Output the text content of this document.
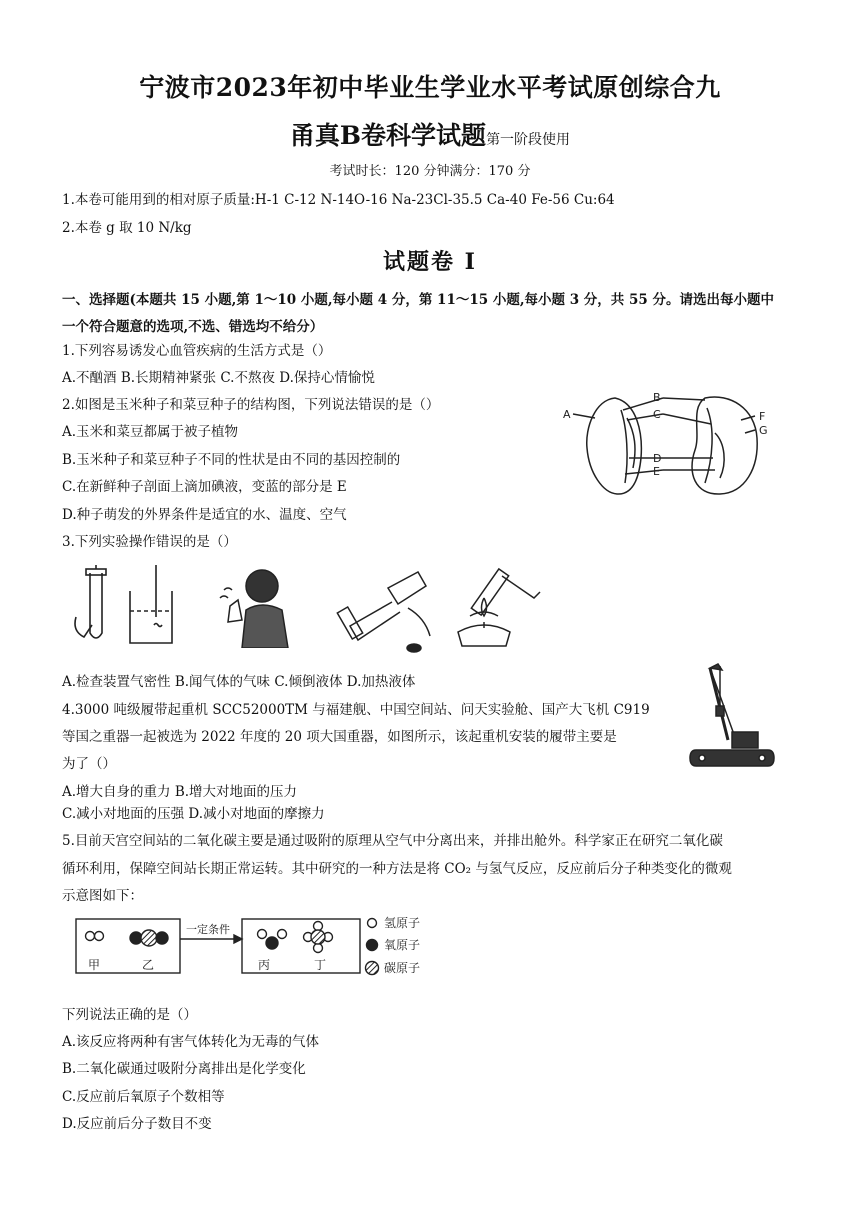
宁波市2023年初中毕业生学业水平考试原创综合九
甬真B卷科学试题第一阶段使用
考试时长：120 分钟满分：170 分
1.本卷可能用到的相对原子质量:H-1 C-12 N-14O-16 Na-23Cl-35.5 Ca-40 Fe-56 Cu:64
2.本卷 g 取 10 N/kg
试题卷 I
一、选择题(本题共 15 小题,第 1～10 小题,每小题 4 分，第 11～15 小题,每小题 3 分，共 55 分。请选出每小题中
一个符合题意的选项,不选、错选均不给分）
1.下列容易诱发心血管疾病的生活方式是（）
A.不酗酒 B.长期精神紧张 C.不熬夜 D.保持心情愉悦
2.如图是玉米种子和菜豆种子的结构图，下列说法错误的是（）
A.玉米和菜豆都属于被子植物
B.玉米种子和菜豆种子不同的性状是由不同的基因控制的
C.在新鲜种子剖面上滴加碘液，变蓝的部分是 E
D.种子萌发的外界条件是适宜的水、温度、空气
A
B
C
D
E
F
G
3.下列实验操作错误的是（）
A.检查装置气密性 B.闻气体的气味 C.倾倒液体 D.加热液体
4.3000 吨级履带起重机 SCC52000TM 与福建舰、中国空间站、问天实验舱、国产大飞机 C919
等国之重器一起被选为 2022 年度的 20 项大国重器，如图所示，该起重机安装的履带主要是
为了（）
A.增大自身的重力 B.增大对地面的压力
C.减小对地面的压强 D.减小对地面的摩擦力
5.目前天宫空间站的二氧化碳主要是通过吸附的原理从空气中分离出来，并排出舱外。科学家正在研究二氧化碳
循环利用，保障空间站长期正常运转。其中研究的一种方法是将 CO₂ 与氢气反应，反应前后分子种类变化的微观
示意图如下：
一定条件
甲	乙	丙	丁
氢原子
氧原子
碳原子
下列说法正确的是（）
A.该反应将两种有害气体转化为无毒的气体
B.二氧化碳通过吸附分离排出是化学变化
C.反应前后氧原子个数相等
D.反应前后分子数目不变
